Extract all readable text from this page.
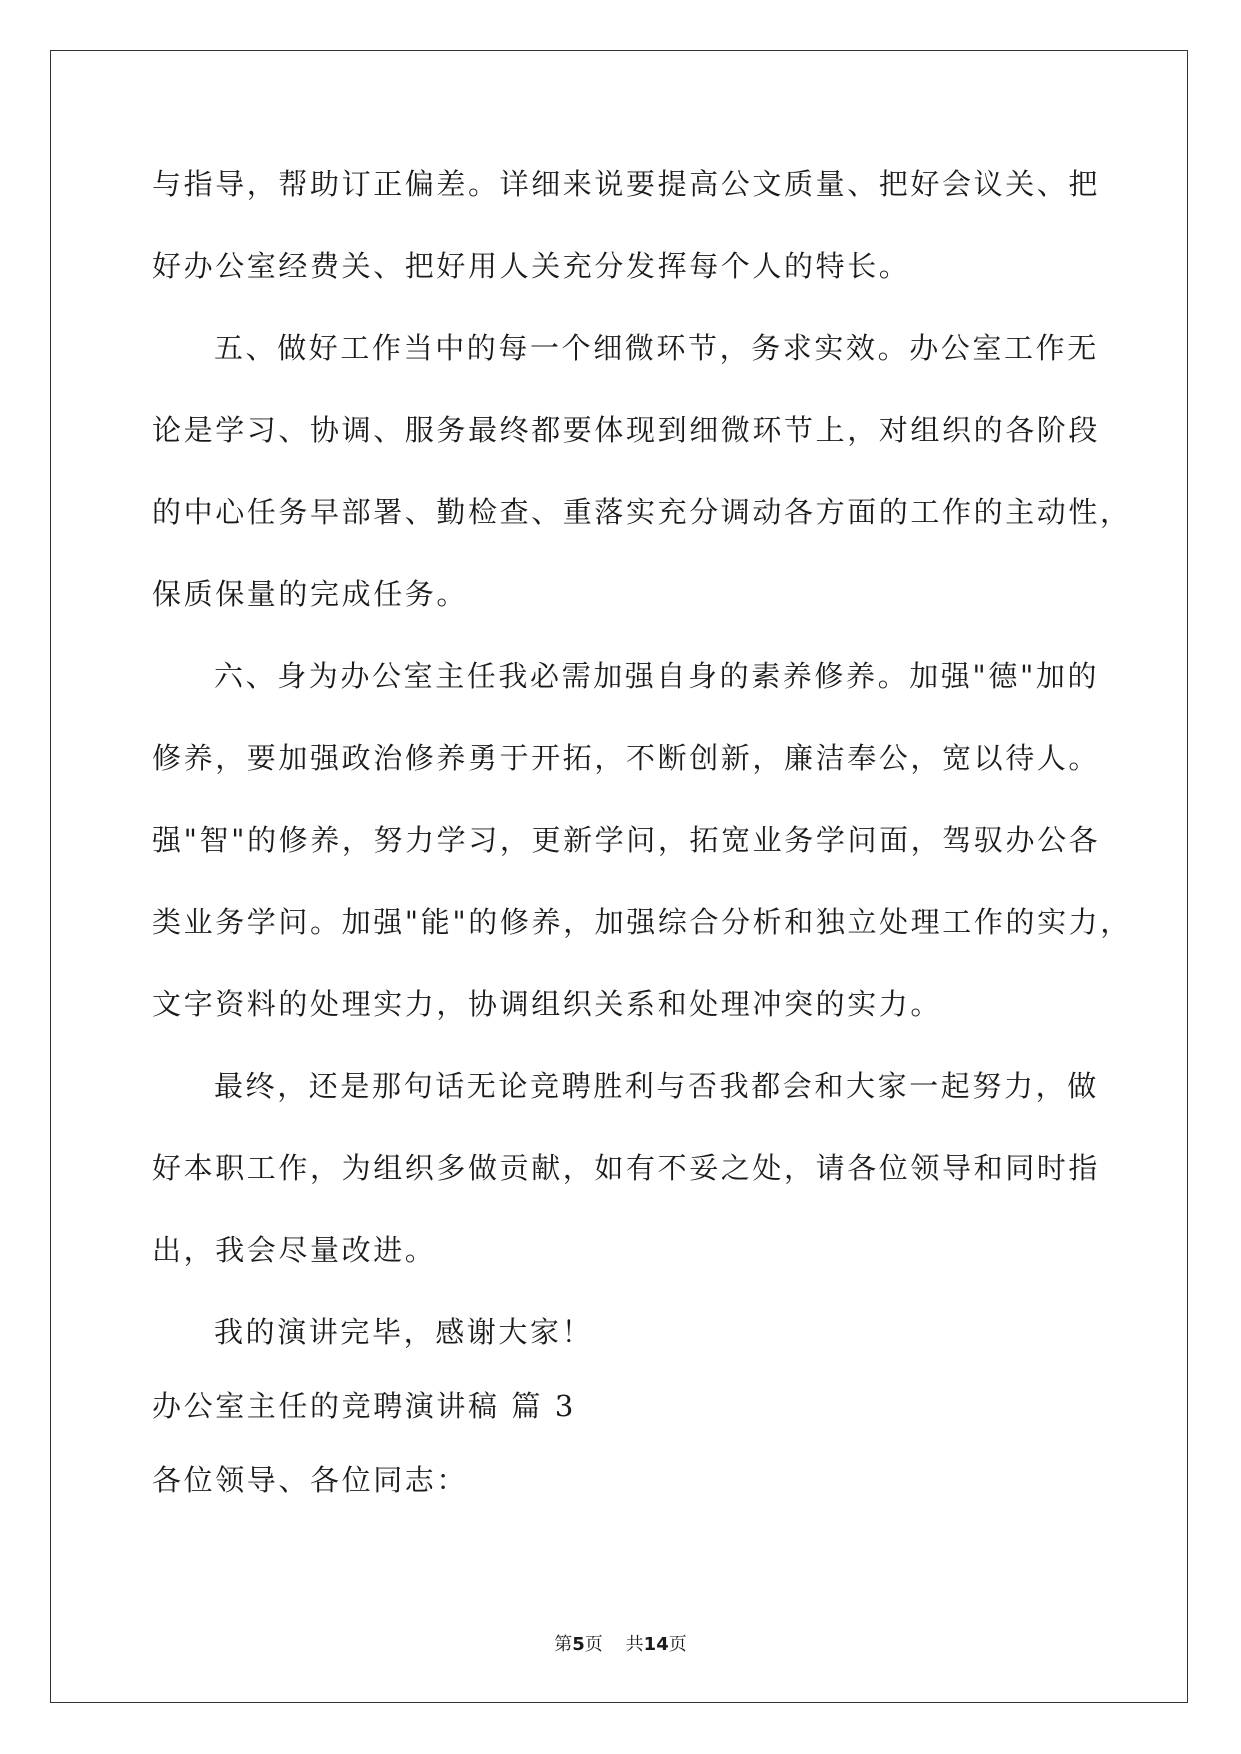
与指导，帮助订正偏差。详细来说要提高公文质量、把好会议关、把
好办公室经费关、把好用人关充分发挥每个人的特长。
五、做好工作当中的每一个细微环节，务求实效。办公室工作无
论是学习、协调、服务最终都要体现到细微环节上，对组织的各阶段
的中心任务早部署、勤检查、重落实充分调动各方面的工作的主动性，
保质保量的完成任务。
六、身为办公室主任我必需加强自身的素养修养。加强"德"加的
修养，要加强政治修养勇于开拓，不断创新，廉洁奉公，宽以待人。
强"智"的修养，努力学习，更新学问，拓宽业务学问面，驾驭办公各
类业务学问。加强"能"的修养，加强综合分析和独立处理工作的实力，
文字资料的处理实力，协调组织关系和处理冲突的实力。
最终，还是那句话无论竞聘胜利与否我都会和大家一起努力，做
好本职工作，为组织多做贡献，如有不妥之处，请各位领导和同时指
出，我会尽量改进。
我的演讲完毕，感谢大家！
办公室主任的竞聘演讲稿 篇 3
各位领导、各位同志：
第5页 共14页
